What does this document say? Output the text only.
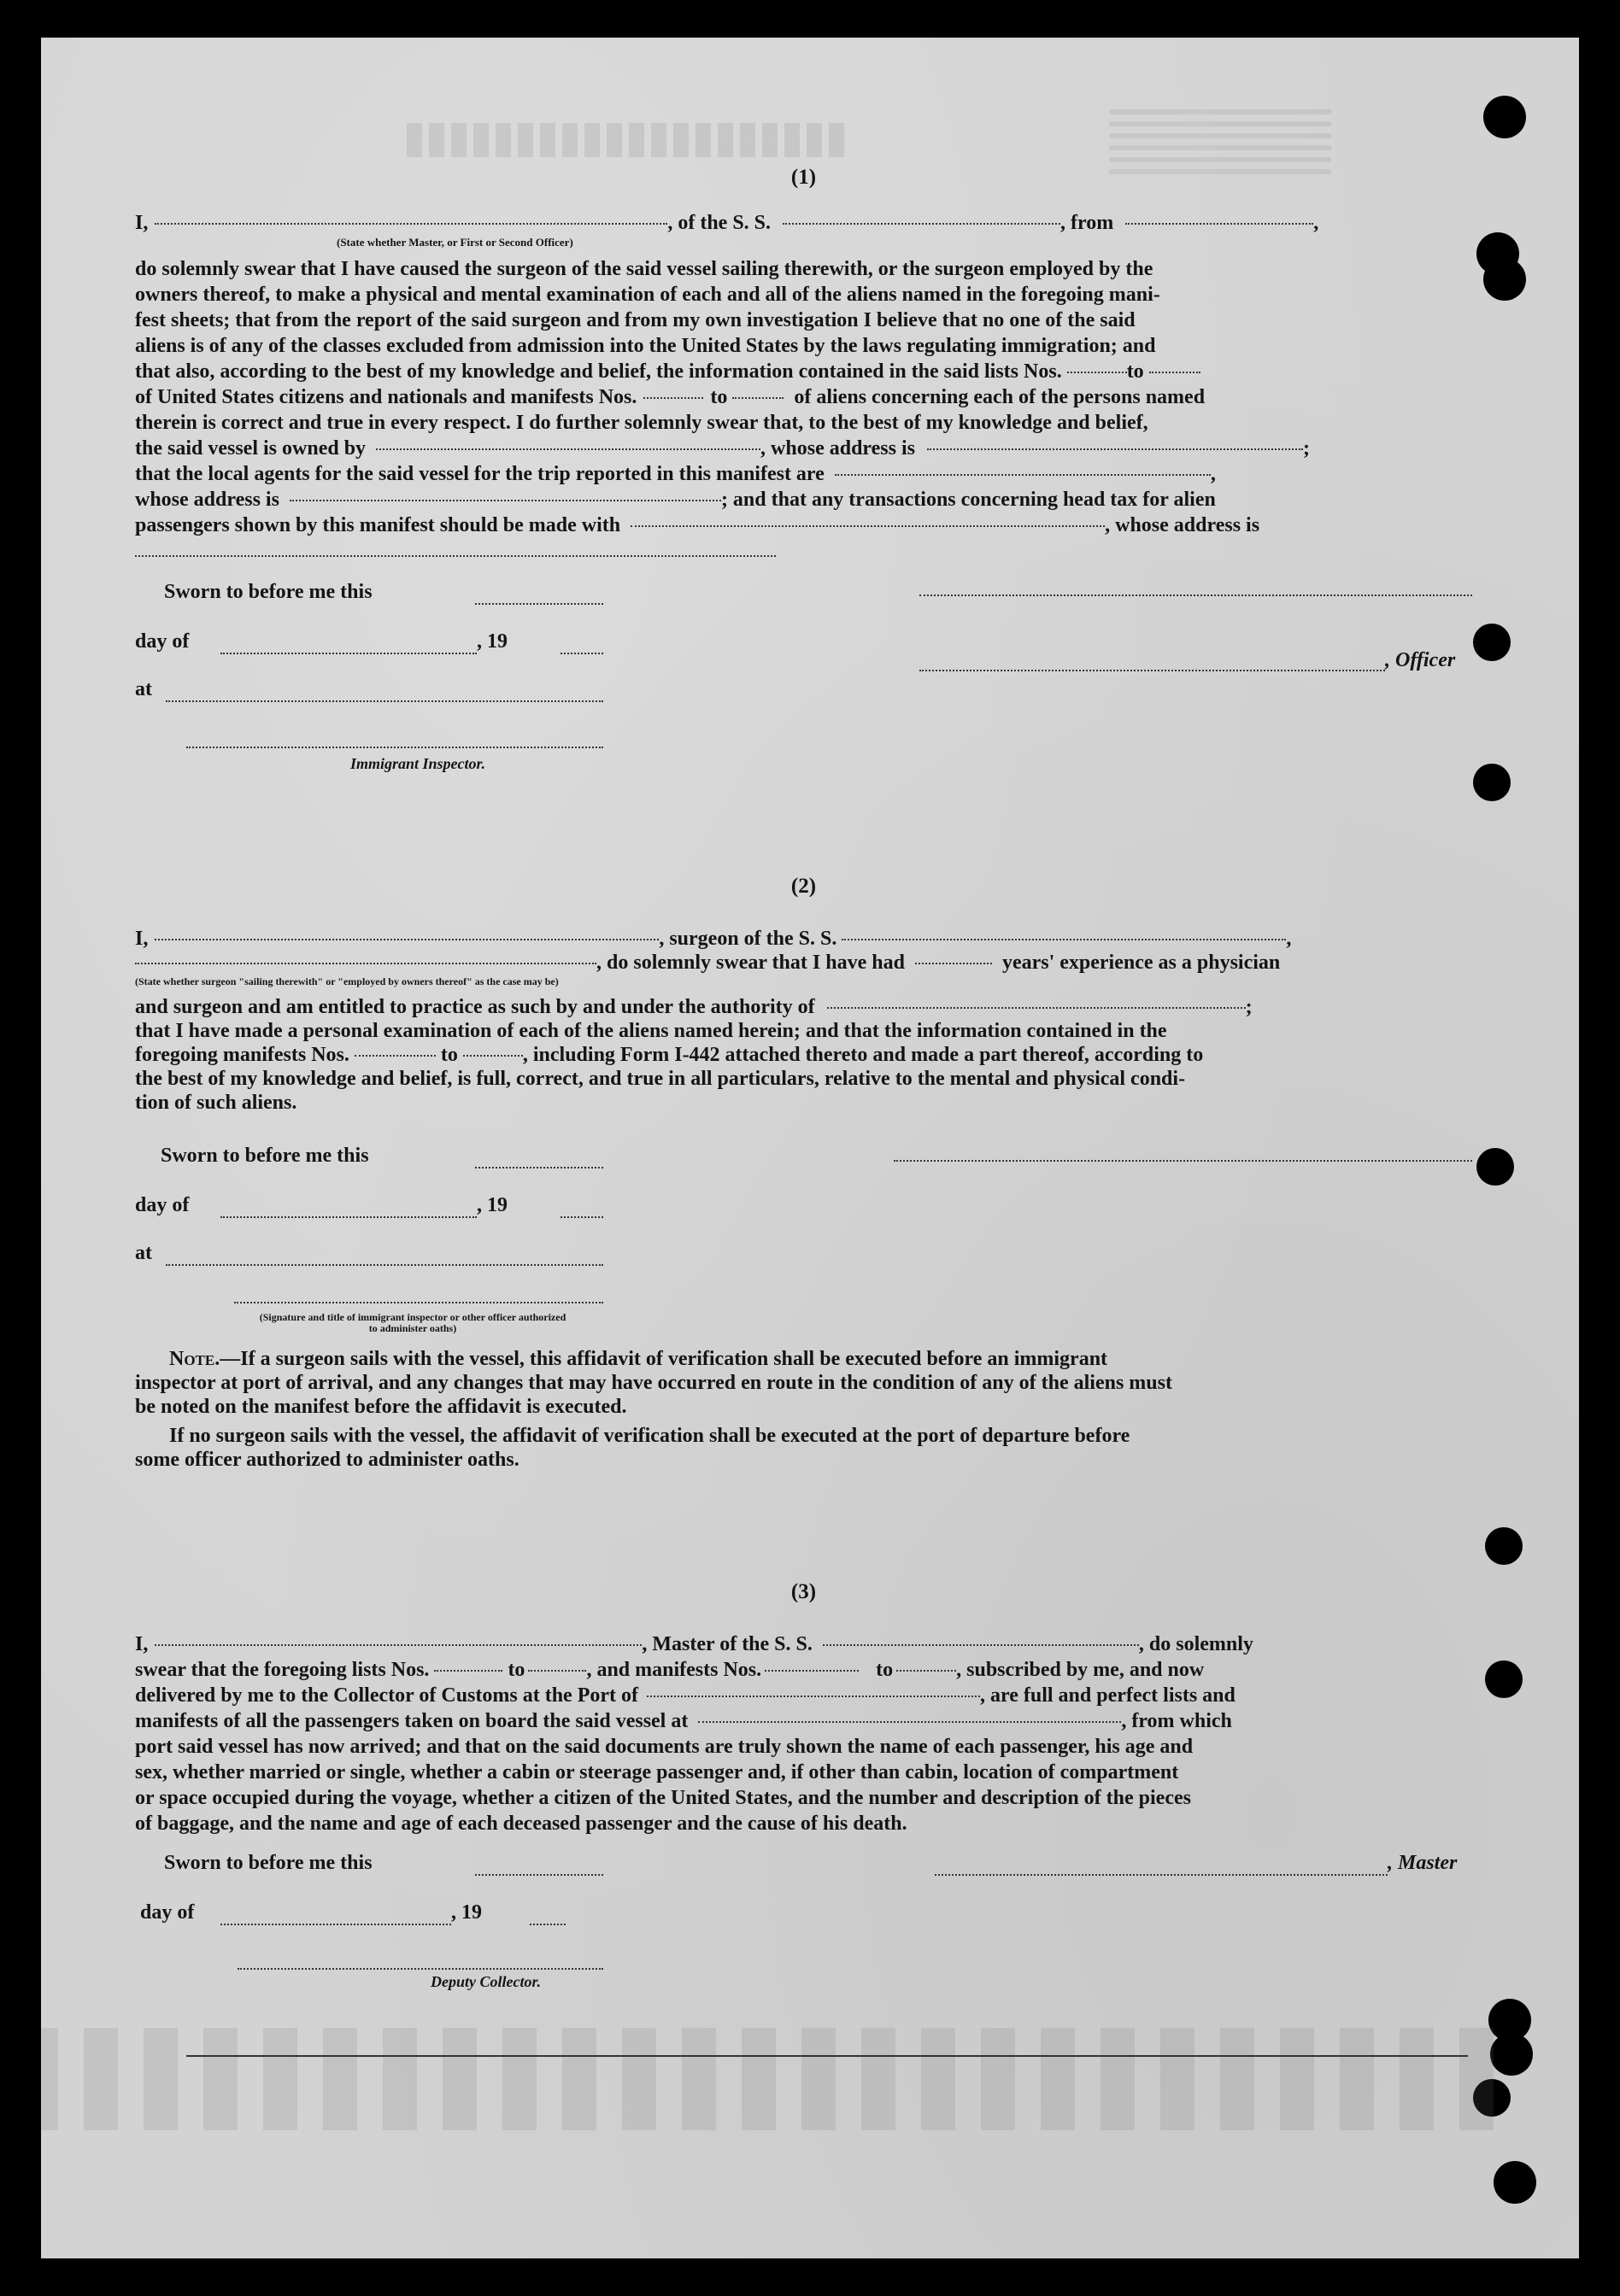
(1)
I,	, of the S. S.	, from	,
(State whether Master, or First or Second Officer)
do solemnly swear that I have caused the surgeon of the said vessel sailing therewith, or the surgeon employed by the
owners thereof, to make a physical and mental examination of each and all of the aliens named in the foregoing mani-
fest sheets; that from the report of the said surgeon and from my own investigation I believe that no one of the said
aliens is of any of the classes excluded from admission into the United States by the laws regulating immigration; and
that also, according to the best of my knowledge and belief, the information contained in the said lists Nos.	to
of United States citizens and nationals and manifests Nos.	to	of aliens concerning each of the persons named
therein is correct and true in every respect. I do further solemnly swear that, to the best of my knowledge and belief,
the said vessel is owned by	, whose address is	;
that the local agents for the said vessel for the trip reported in this manifest are	,
whose address is	; and that any transactions concerning head tax for alien
passengers shown by this manifest should be made with	, whose address is
Sworn to before me this
day of	, 19
, Officer
at
Immigrant Inspector.
(2)
I,	, surgeon of the S. S.	,
, do solemnly swear that I have had	years' experience as a physician
(State whether surgeon "sailing therewith" or "employed by owners thereof" as the case may be)
and surgeon and am entitled to practice as such by and under the authority of	;
that I have made a personal examination of each of the aliens named herein; and that the information contained in the
foregoing manifests Nos.	to	, including Form I-442 attached thereto and made a part thereof, according to
the best of my knowledge and belief, is full, correct, and true in all particulars, relative to the mental and physical condi-
tion of such aliens.
Sworn to before me this
day of	, 19
at
(Signature and title of immigrant inspector or other officer authorized to administer oaths)
Note. —If a surgeon sails with the vessel, this affidavit of verification shall be executed before an immigrant
inspector at port of arrival, and any changes that may have occurred en route in the condition of any of the aliens must
be noted on the manifest before the affidavit is executed.
If no surgeon sails with the vessel, the affidavit of verification shall be executed at the port of departure before
some officer authorized to administer oaths.
(3)
I,	, Master of the S. S.	, do solemnly
swear that the foregoing lists Nos.	to	, and manifests Nos.	to	, subscribed by me, and now
delivered by me to the Collector of Customs at the Port of	, are full and perfect lists and
manifests of all the passengers taken on board the said vessel at	, from which
port said vessel has now arrived; and that on the said documents are truly shown the name of each passenger, his age and
sex, whether married or single, whether a cabin or steerage passenger and, if other than cabin, location of compartment
or space occupied during the voyage, whether a citizen of the United States, and the number and description of the pieces
of baggage, and the name and age of each deceased passenger and the cause of his death.
Sworn to before me this	, Master
day of	, 19
Deputy Collector.
